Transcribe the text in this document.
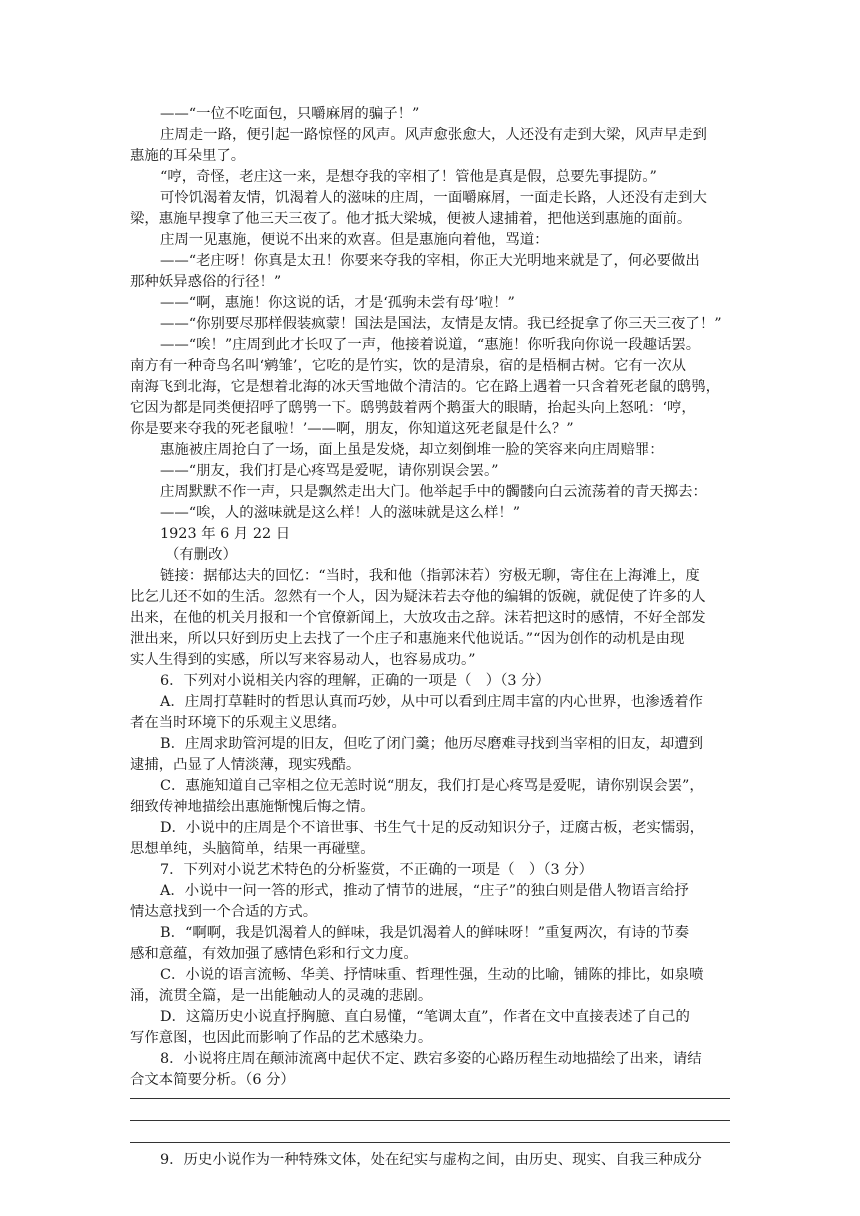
——“一位不吃面包，只嚼麻屑的骗子！”
庄周走一路，便引起一路惊怪的风声。风声愈张愈大，人还没有走到大梁，风声早走到
惠施的耳朵里了。
“哼，奇怪，老庄这一来，是想夺我的宰相了！管他是真是假，总要先事提防。”
可怜饥渴着友情，饥渴着人的滋味的庄周，一面嚼麻屑，一面走长路，人还没有走到大
梁，惠施早搜拿了他三天三夜了。他才抵大梁城，便被人逮捕着，把他送到惠施的面前。
庄周一见惠施，便说不出来的欢喜。但是惠施向着他，骂道：
——“老庄呀！你真是太丑！你要来夺我的宰相，你正大光明地来就是了，何必要做出
那种妖异惑俗的行径！”
——“啊，惠施！你这说的话，才是‘孤驹未尝有母’啦！”
——“你别要尽那样假装疯蒙！国法是国法，友情是友情。我已经捉拿了你三天三夜了！”
——“唉！”庄周到此才长叹了一声，他接着说道，“惠施！你听我向你说一段趣话罢。
南方有一种奇鸟名叫‘鹓雏’，它吃的是竹实，饮的是清泉，宿的是梧桐古树。它有一次从
南海飞到北海，它是想着北海的冰天雪地做个清洁的。它在路上遇着一只含着死老鼠的鸱鸮，
它因为都是同类便招呼了鸱鸮一下。鸱鸮鼓着两个鹅蛋大的眼睛，抬起头向上怒吼：‘哼，
你是要来夺我的死老鼠啦！’——啊，朋友，你知道这死老鼠是什么？”
惠施被庄周抢白了一场，面上虽是发烧，却立刻倒堆一脸的笑容来向庄周赔罪：
——“朋友，我们打是心疼骂是爱呢，请你别误会罢。”
庄周默默不作一声，只是飘然走出大门。他举起手中的髑髅向白云流荡着的青天掷去：
——“唉，人的滋味就是这么样！人的滋味就是这么样！”
1923 年 6 月 22 日
（有删改）
链接：据郁达夫的回忆：“当时，我和他（指郭沫若）穷极无聊，寄住在上海滩上，度
比乞儿还不如的生活。忽然有一个人，因为疑沫若去夺他的编辑的饭碗，就促使了许多的人
出来，在他的机关月报和一个官僚新闻上，大放攻击之辞。沫若把这时的感情，不好全部发
泄出来，所以只好到历史上去找了一个庄子和惠施来代他说话。”“因为创作的动机是由现
实人生得到的实感，所以写来容易动人，也容易成功。”
6．下列对小说相关内容的理解，正确的一项是（　）（3 分）
A．庄周打草鞋时的哲思认真而巧妙，从中可以看到庄周丰富的内心世界，也渗透着作
者在当时环境下的乐观主义思绪。
B．庄周求助管河堤的旧友，但吃了闭门羹；他历尽磨难寻找到当宰相的旧友，却遭到
逮捕，凸显了人情淡薄，现实残酷。
C．惠施知道自己宰相之位无恙时说“朋友，我们打是心疼骂是爱呢，请你别误会罢”，
细致传神地描绘出惠施惭愧后悔之情。
D．小说中的庄周是个不谙世事、书生气十足的反动知识分子，迂腐古板，老实懦弱，
思想单纯，头脑简单，结果一再碰壁。
7．下列对小说艺术特色的分析鉴赏，不正确的一项是（　）（3 分）
A．小说中一问一答的形式，推动了情节的进展，“庄子”的独白则是借人物语言给抒
情达意找到一个合适的方式。
B．“啊啊，我是饥渴着人的鲜味，我是饥渴着人的鲜味呀！”重复两次，有诗的节奏
感和意蕴，有效加强了感情色彩和行文力度。
C．小说的语言流畅、华美、抒情味重、哲理性强，生动的比喻，铺陈的排比，如泉喷
涌，流贯全篇，是一出能触动人的灵魂的悲剧。
D．这篇历史小说直抒胸臆、直白易懂，“笔调太直”，作者在文中直接表述了自己的
写作意图，也因此而影响了作品的艺术感染力。
8．小说将庄周在颠沛流离中起伏不定、跌宕多姿的心路历程生动地描绘了出来，请结
合文本简要分析。（6 分）
9．历史小说作为一种特殊文体，处在纪实与虚构之间，由历史、现实、自我三种成分
